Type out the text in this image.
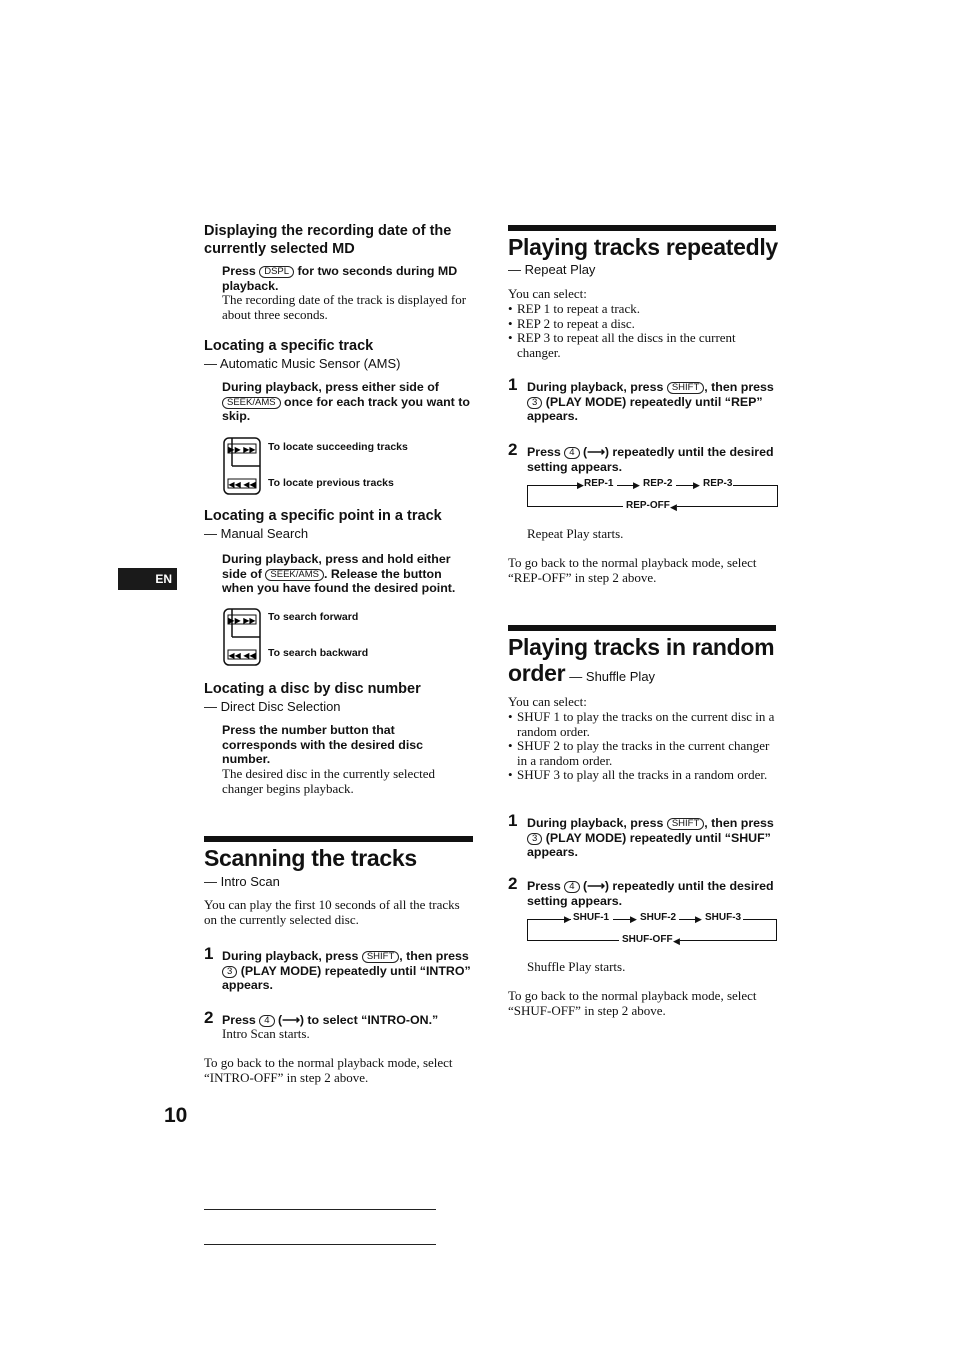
Displaying the recording date of the currently selected MD
Press DSPL for two seconds during MD playback.
The recording date of the track is displayed for about three seconds.
Locating a specific track
— Automatic Music Sensor (AMS)
During playback, press either side of SEEK/AMS once for each track you want to skip.
▶▶ ▶▶
◀◀ ◀◀
To locate succeeding tracks
To locate previous tracks
Locating a specific point in a track
— Manual Search
During playback, press and hold either side of SEEK/AMS . Release the button when you have found the desired point.
▶▶ ▶▶
◀◀ ◀◀
To search forward
To search backward
Locating a disc by disc number
— Direct Disc Selection
Press the number button that corresponds with the desired disc number.
The desired disc in the currently selected changer begins playback.
Scanning the tracks
— Intro Scan
You can play the first 10 seconds of all the tracks on the currently selected disc.
1 During playback, press SHIFT , then press 3 (PLAY MODE) repeatedly until “INTRO” appears.
2 Press 4 (⟶) to select “INTRO-ON.”
Intro Scan starts.
To go back to the normal playback mode, select “INTRO-OFF” in step 2 above.
Playing tracks repeatedly
— Repeat Play
You can select:
• REP 1 to repeat a track.
• REP 2 to repeat a disc.
• REP 3 to repeat all the discs in the current changer.
1 During playback, press SHIFT , then press 3 (PLAY MODE) repeatedly until “REP” appears.
2 Press 4 (⟶) repeatedly until the desired setting appears.
▶ REP-1 ▶ REP-2 ▶ REP-3
REP-OFF ◀
Repeat Play starts.
To go back to the normal playback mode, select “REP-OFF” in step 2 above.
Playing tracks in random
order — Shuffle Play
You can select:
• SHUF 1 to play the tracks on the current disc in a random order.
• SHUF 2 to play the tracks in the current changer in a random order.
• SHUF 3 to play all the tracks in a random order.
1 During playback, press SHIFT , then press 3 (PLAY MODE) repeatedly until “SHUF” appears.
2 Press 4 (⟶) repeatedly until the desired setting appears.
▶ SHUF-1 ▶ SHUF-2 ▶ SHUF-3
SHUF-OFF ◀
Shuffle Play starts.
To go back to the normal playback mode, select “SHUF-OFF” in step 2 above.
EN
10
